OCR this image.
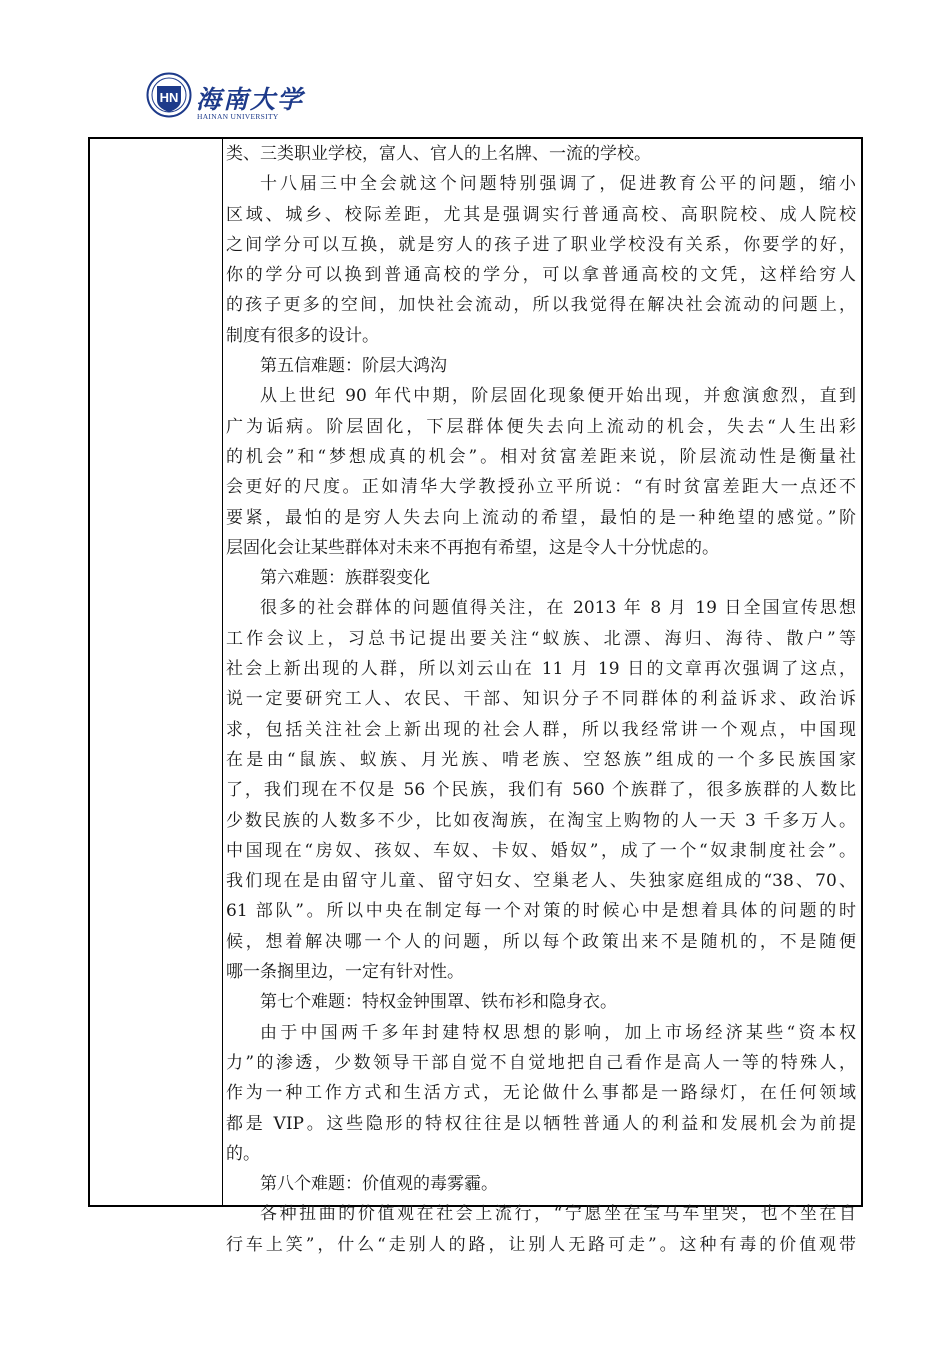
HN 海南大学
HAINAN UNIVERSITY
类、三类职业学校，富人、官人的上名牌、一流的学校。
十八届三中全会就这个问题特别强调了，促进教育公平的问题，缩小
区域、城乡、校际差距，尤其是强调实行普通高校、高职院校、成人院校
之间学分可以互换，就是穷人的孩子进了职业学校没有关系，你要学的好，
你的学分可以换到普通高校的学分，可以拿普通高校的文凭，这样给穷人
的孩子更多的空间，加快社会流动，所以我觉得在解决社会流动的问题上，
制度有很多的设计。
第五信难题：阶层大鸿沟
从上世纪 90 年代中期，阶层固化现象便开始出现，并愈演愈烈，直到
广为诟病。阶层固化，下层群体便失去向上流动的机会，失去“人生出彩
的机会”和“梦想成真的机会”。相对贫富差距来说，阶层流动性是衡量社
会更好的尺度。正如清华大学教授孙立平所说：“有时贫富差距大一点还不
要紧，最怕的是穷人失去向上流动的希望，最怕的是一种绝望的感觉。”阶
层固化会让某些群体对未来不再抱有希望，这是令人十分忧虑的。
第六难题：族群裂变化
很多的社会群体的问题值得关注，在 2013 年 8 月 19 日全国宣传思想
工作会议上，习总书记提出要关注“蚁族、北漂、海归、海待、散户”等
社会上新出现的人群，所以刘云山在 11 月 19 日的文章再次强调了这点，
说一定要研究工人、农民、干部、知识分子不同群体的利益诉求、政治诉
求，包括关注社会上新出现的社会人群，所以我经常讲一个观点，中国现
在是由“鼠族、蚁族、月光族、啃老族、空怒族”组成的一个多民族国家
了，我们现在不仅是 56 个民族，我们有 560 个族群了，很多族群的人数比
少数民族的人数多不少，比如夜淘族，在淘宝上购物的人一天 3 千多万人。
中国现在“房奴、孩奴、车奴、卡奴、婚奴”，成了一个“奴隶制度社会”。
我们现在是由留守儿童、留守妇女、空巢老人、失独家庭组成的“38、70、
61 部队”。所以中央在制定每一个对策的时候心中是想着具体的问题的时
候，想着解决哪一个人的问题，所以每个政策出来不是随机的，不是随便
哪一条搁里边，一定有针对性。
第七个难题：特权金钟围罩、铁布衫和隐身衣。
由于中国两千多年封建特权思想的影响，加上市场经济某些“资本权
力”的渗透，少数领导干部自觉不自觉地把自己看作是高人一等的特殊人，
作为一种工作方式和生活方式，无论做什么事都是一路绿灯，在任何领域
都是 VIP。这些隐形的特权往往是以牺牲普通人的利益和发展机会为前提
的。
第八个难题：价值观的毒雾霾。
各种扭曲的价值观在社会上流行，“宁愿坐在宝马车里哭，也不坐在自
行车上笑”，什么“走别人的路，让别人无路可走”。这种有毒的价值观带
